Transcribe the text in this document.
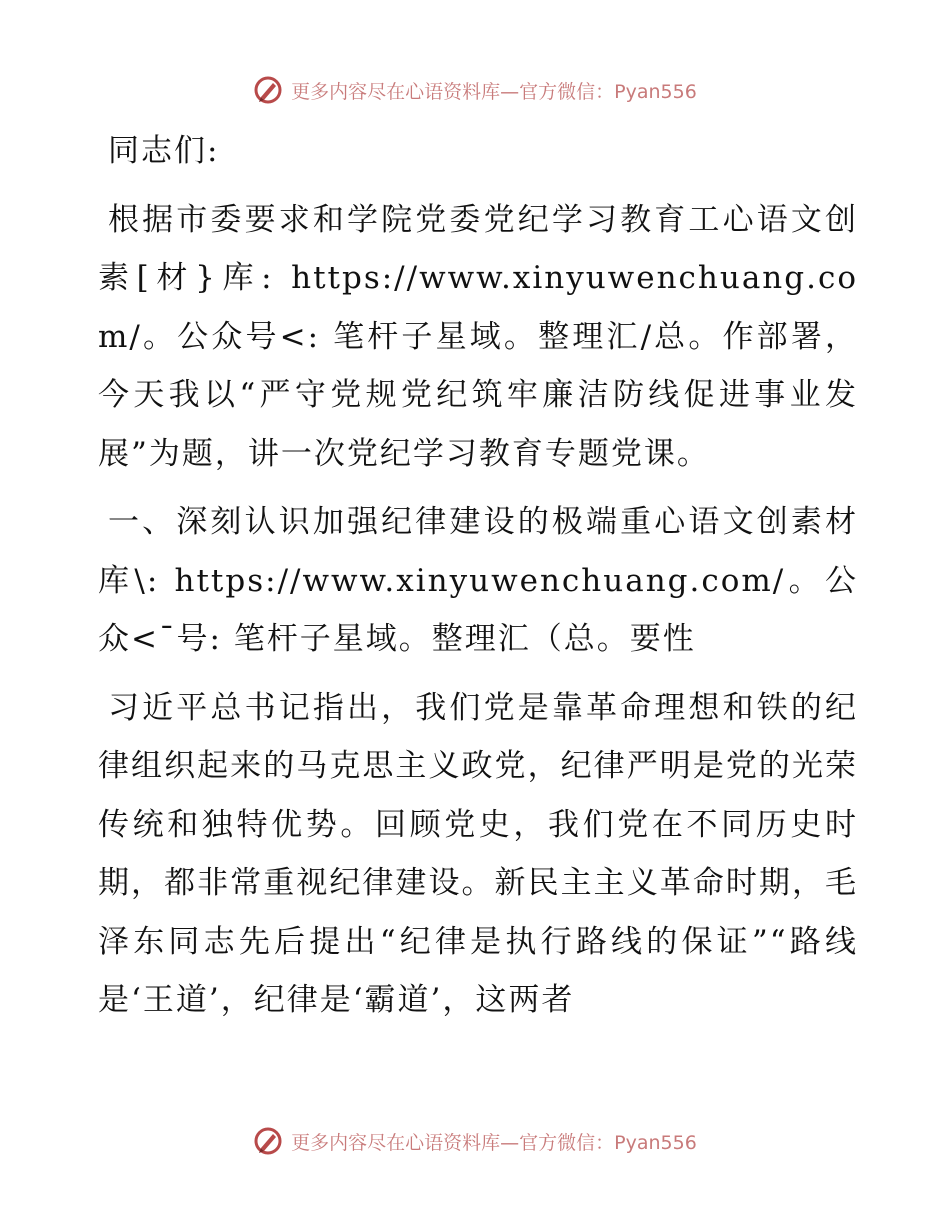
更多内容尽在心语资料库—官方微信：Pyan556

同志们:

根据市委要求和学院党委党纪学习教育工心语文创素[材}库: https://www.xinyuwenchuang.com/。公众号<: 笔杆子星域。整理汇/总。作部署，今天我以“严守党规党纪筑牢廉洁防线促进事业发展”为题，讲一次党纪学习教育专题党课。

一、深刻认识加强纪律建设的极端重心语文创素材库\: https://www.xinyuwenchuang.com/。公众<¯号: 笔杆子星域。整理汇（总。要性

习近平总书记指出，我们党是靠革命理想和铁的纪律组织起来的马克思主义政党，纪律严明是党的光荣传统和独特优势。回顾党史，我们党在不同历史时期，都非常重视纪律建设。新民主主义革命时期，毛泽东同志先后提出“纪律是执行路线的保证”“路线是‘王道’，纪律是‘霸道’，这两者

更多内容尽在心语资料库—官方微信：Pyan556
